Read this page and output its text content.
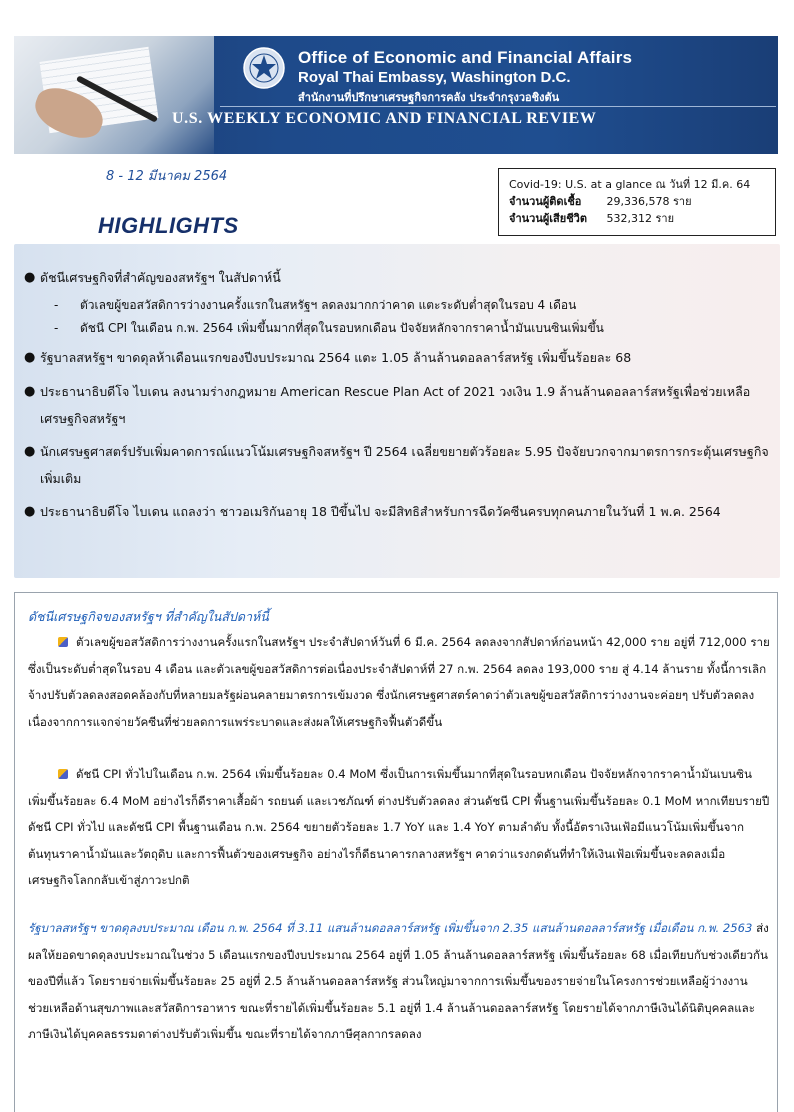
Office of Economic and Financial Affairs
Royal Thai Embassy, Washington D.C.
สำนักงานที่ปรึกษาเศรษฐกิจการคลัง ประจำกรุงวอชิงตัน
U.S. WEEKLY ECONOMIC AND FINANCIAL REVIEW
8 - 12 มีนาคม 2564
HIGHLIGHTS
Covid-19: U.S. at a glance ณ วันที่ 12 มี.ค. 64
จำนวนผู้ติดเชื้อ 29,336,578 ราย
จำนวนผู้เสียชีวิต 532,312 ราย
● ดัชนีเศรษฐกิจที่สำคัญของสหรัฐฯ ในสัปดาห์นี้
- ตัวเลขผู้ขอสวัสดิการว่างงานครั้งแรกในสหรัฐฯ ลดลงมากกว่าคาด แตะระดับต่ำสุดในรอบ 4 เดือน
- ดัชนี CPI ในเดือน ก.พ. 2564 เพิ่มขึ้นมากที่สุดในรอบหกเดือน ปัจจัยหลักจากราคาน้ำมันเบนซินเพิ่มขึ้น
● รัฐบาลสหรัฐฯ ขาดดุลห้าเดือนแรกของปีงบประมาณ 2564 แตะ 1.05 ล้านล้านดอลลาร์สหรัฐ เพิ่มขึ้นร้อยละ 68
● ประธานาธิบดีโจ ไบเดน ลงนามร่างกฎหมาย American Rescue Plan Act of 2021 วงเงิน 1.9 ล้านล้านดอลลาร์สหรัฐเพื่อช่วยเหลือเศรษฐกิจสหรัฐฯ
● นักเศรษฐศาสตร์ปรับเพิ่มคาดการณ์แนวโน้มเศรษฐกิจสหรัฐฯ ปี 2564 เฉลี่ยขยายตัวร้อยละ 5.95 ปัจจัยบวกจากมาตรการกระตุ้นเศรษฐกิจเพิ่มเติม
● ประธานาธิบดีโจ ไบเดน แถลงว่า ชาวอเมริกันอายุ 18 ปีขึ้นไป จะมีสิทธิสำหรับการฉีดวัคซีนครบทุกคนภายในวันที่ 1 พ.ค. 2564
ดัชนีเศรษฐกิจของสหรัฐฯ ที่สำคัญในสัปดาห์นี้
ตัวเลขผู้ขอสวัสดิการว่างงานครั้งแรกในสหรัฐฯ ประจำสัปดาห์วันที่ 6 มี.ค. 2564 ลดลงจากสัปดาห์ก่อนหน้า 42,000 ราย อยู่ที่ 712,000 ราย ซึ่งเป็นระดับต่ำสุดในรอบ 4 เดือน และตัวเลขผู้ขอสวัสดิการต่อเนื่องประจำสัปดาห์ที่ 27 ก.พ. 2564 ลดลง 193,000 ราย สู่ 4.14 ล้านราย ทั้งนี้การเลิกจ้างปรับตัวลดลงสอดคล้องกับที่หลายมลรัฐผ่อนคลายมาตรการเข้มงวด ซึ่งนักเศรษฐศาสตร์คาดว่าตัวเลขผู้ขอสวัสดิการว่างงานจะค่อยๆ ปรับตัวลดลงเนื่องจากการแจกจ่ายวัคซีนที่ช่วยลดการแพร่ระบาดและส่งผลให้เศรษฐกิจฟื้นตัวดีขึ้น
ดัชนี CPI ทั่วไปในเดือน ก.พ. 2564 เพิ่มขึ้นร้อยละ 0.4 MoM ซึ่งเป็นการเพิ่มขึ้นมากที่สุดในรอบหกเดือน ปัจจัยหลักจากราคาน้ำมันเบนซินเพิ่มขึ้นร้อยละ 6.4 MoM อย่างไรก็ดีราคาเสื้อผ้า รถยนต์ และเวชภัณฑ์ ต่างปรับตัวลดลง ส่วนดัชนี CPI พื้นฐานเพิ่มขึ้นร้อยละ 0.1 MoM หากเทียบรายปี ดัชนี CPI ทั่วไป และดัชนี CPI พื้นฐานเดือน ก.พ. 2564 ขยายตัวร้อยละ 1.7 YoY และ 1.4 YoY ตามลำดับ ทั้งนี้อัตราเงินเฟ้อมีแนวโน้มเพิ่มขึ้นจากต้นทุนราคาน้ำมันและวัตถุดิบ และการฟื้นตัวของเศรษฐกิจ อย่างไรก็ดีธนาคารกลางสหรัฐฯ คาดว่าแรงกดดันที่ทำให้เงินเฟ้อเพิ่มขึ้นจะลดลงเมื่อเศรษฐกิจโลกกลับเข้าสู่ภาวะปกติ
รัฐบาลสหรัฐฯ ขาดดุลงบประมาณ เดือน ก.พ. 2564 ที่ 3.11 แสนล้านดอลลาร์สหรัฐ เพิ่มขึ้นจาก 2.35 แสนล้านดอลลาร์สหรัฐ เมื่อเดือน ก.พ. 2563 ส่งผลให้ยอดขาดดุลงบประมาณในช่วง 5 เดือนแรกของปีงบประมาณ 2564 อยู่ที่ 1.05 ล้านล้านดอลลาร์สหรัฐ เพิ่มขึ้นร้อยละ 68 เมื่อเทียบกับช่วงเดียวกันของปีที่แล้ว โดยรายจ่ายเพิ่มขึ้นร้อยละ 25 อยู่ที่ 2.5 ล้านล้านดอลลาร์สหรัฐ ส่วนใหญ่มาจากการเพิ่มขึ้นของรายจ่ายในโครงการช่วยเหลือผู้ว่างงาน ช่วยเหลือด้านสุขภาพและสวัสดิการอาหาร ขณะที่รายได้เพิ่มขึ้นร้อยละ 5.1 อยู่ที่ 1.4 ล้านล้านดอลลาร์สหรัฐ โดยรายได้จากภาษีเงินได้นิติบุคคลและภาษีเงินได้บุคคลธรรมดาต่างปรับตัวเพิ่มขึ้น ขณะที่รายได้จากภาษีศุลกากรลดลง
